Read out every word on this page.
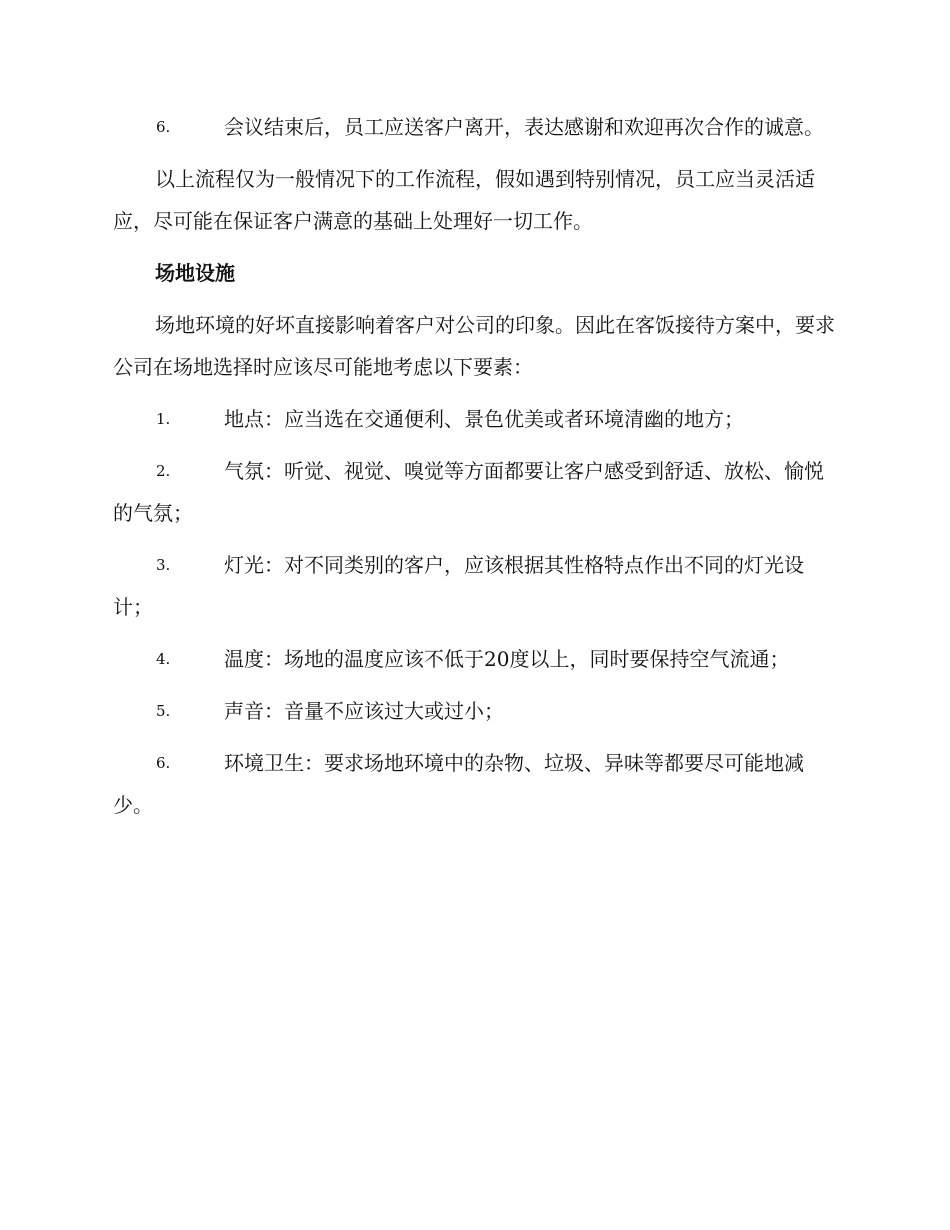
6.	会议结束后，员工应送客户离开，表达感谢和欢迎再次合作的诚意。
以上流程仅为一般情况下的工作流程，假如遇到特别情况，员工应当灵活适应，尽可能在保证客户满意的基础上处理好一切工作。
场地设施
场地环境的好坏直接影响着客户对公司的印象。因此在客饭接待方案中，要求公司在场地选择时应该尽可能地考虑以下要素：
1.	地点：应当选在交通便利、景色优美或者环境清幽的地方；
2.	气氛：听觉、视觉、嗅觉等方面都要让客户感受到舒适、放松、愉悦的气氛；
3.	灯光：对不同类别的客户，应该根据其性格特点作出不同的灯光设计；
4.	温度：场地的温度应该不低于20度以上，同时要保持空气流通；
5.	声音：音量不应该过大或过小；
6.	环境卫生：要求场地环境中的杂物、垃圾、异味等都要尽可能地减少。
